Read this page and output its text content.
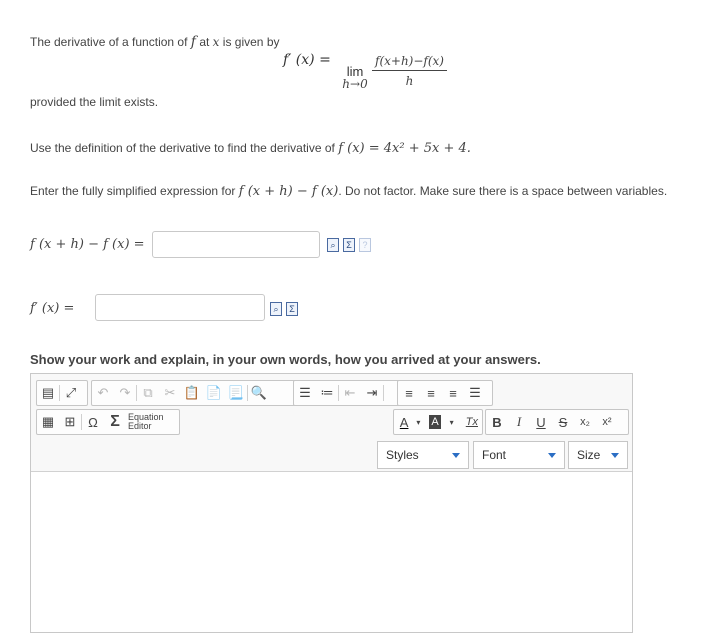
The derivative of a function of f at x is given by
f′ (x) =
lim
$h\to 0 \frac{f(x+h)-f(x)}{h}$
provided the limit exists.
Use the definition of the derivative to find the derivative of f (x) = 4x² + 5x + 4.
Enter the fully simplified expression for f (x + h) − f (x). Do not factor. Make sure there is a space between variables.
f (x + h) − f (x) =	⌕	Σ	?
f′ (x) =	⌕	Σ
Show your work and explain, in your own words, how you arrived at your answers.
▤ ⤢	↶ ↷ ⧉ ✂ 📋 📄 📃 🔍	☰ ≔ ⇤ ⇥	≡	≡	≡ ☰
▦ ⊞ Ω Σ Equation
Editor	A ▾ A	▾	Tx	B	I	U S	x₂	x²
Styles	Font	Size
